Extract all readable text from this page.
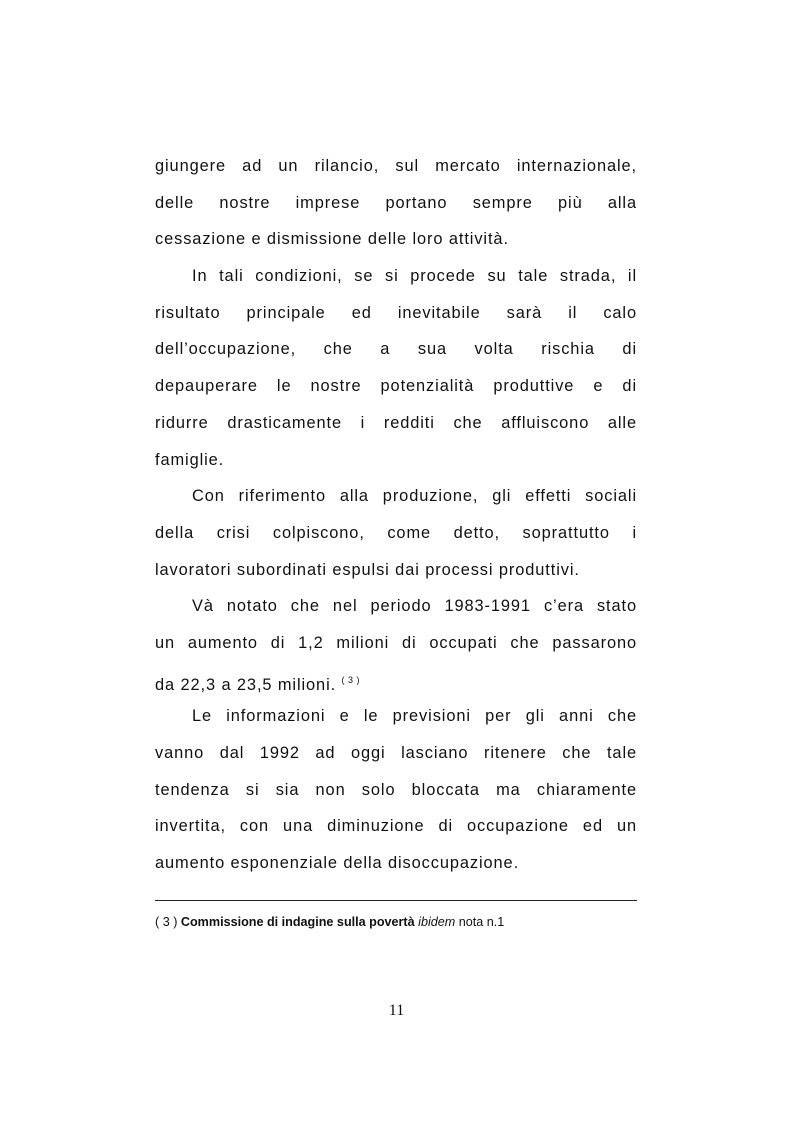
giungere ad un rilancio, sul mercato internazionale,
delle nostre imprese portano sempre più alla
cessazione e dismissione delle loro attività.
In tali condizioni, se si procede su tale strada, il
risultato principale ed inevitabile sarà il calo
dell’occupazione, che a sua volta rischia di
depauperare le nostre potenzialità produttive e di
ridurre drasticamente i redditi che affluiscono alle
famiglie.
Con riferimento alla produzione, gli effetti sociali
della crisi colpiscono, come detto, soprattutto i
lavoratori subordinati espulsi dai processi produttivi.
Và notato che nel periodo 1983-1991 c’era stato
un aumento di 1,2 milioni di occupati che passarono
da 22,3 a 23,5 milioni. $^{( 3 )}$
Le informazioni e le previsioni per gli anni che
vanno dal 1992 ad oggi lasciano ritenere che tale
tendenza si sia non solo bloccata ma chiaramente
invertita, con una diminuzione di occupazione ed un
aumento esponenziale della disoccupazione.
( 3 ) Commissione di indagine sulla povertà ibidem nota n.1
11
